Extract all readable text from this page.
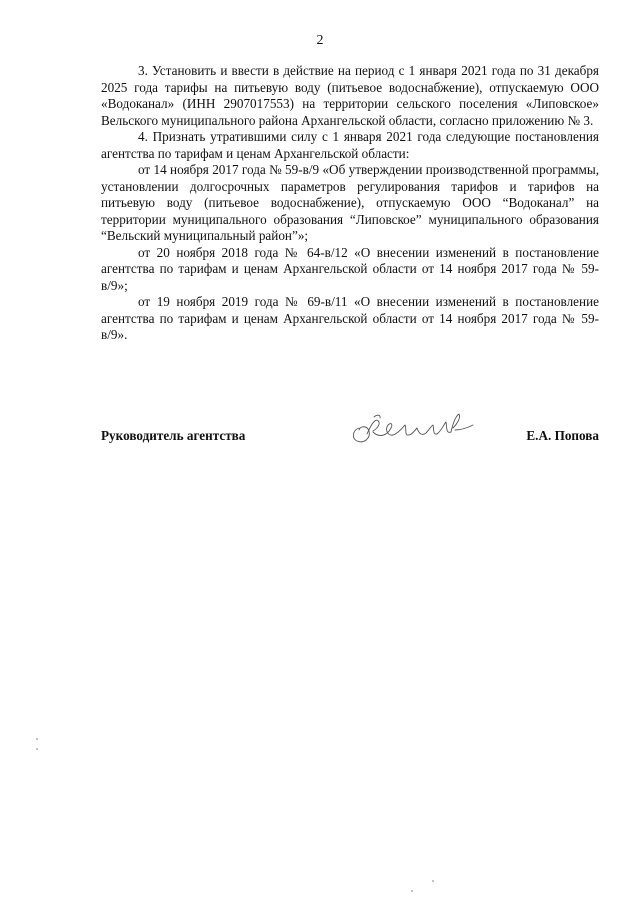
2

3. Установить и ввести в действие на период с 1 января 2021 года по 31 декабря 2025 года тарифы на питьевую воду (питьевое водоснабжение), отпускаемую ООО «Водоканал» (ИНН 2907017553) на территории сельского поселения «Липовское» Вельского муниципального района Архангельской области, согласно приложению № 3.

4. Признать утратившими силу с 1 января 2021 года следующие постановления агентства по тарифам и ценам Архангельской области:

от 14 ноября 2017 года № 59-в/9 «Об утверждении производственной программы, установлении долгосрочных параметров регулирования тарифов и тарифов на питьевую воду (питьевое водоснабжение), отпускаемую ООО “Водоканал” на территории муниципального образования “Липовское” муниципального образования “Вельский муниципальный район”»;

от 20 ноября 2018 года № 64-в/12 «О внесении изменений в постановление агентства по тарифам и ценам Архангельской области от 14 ноября 2017 года № 59-в/9»;

от 19 ноября 2019 года № 69-в/11 «О внесении изменений в постановление агентства по тарифам и ценам Архангельской области от 14 ноября 2017 года № 59-в/9».

Руководитель агентства	Е.А. Попова
